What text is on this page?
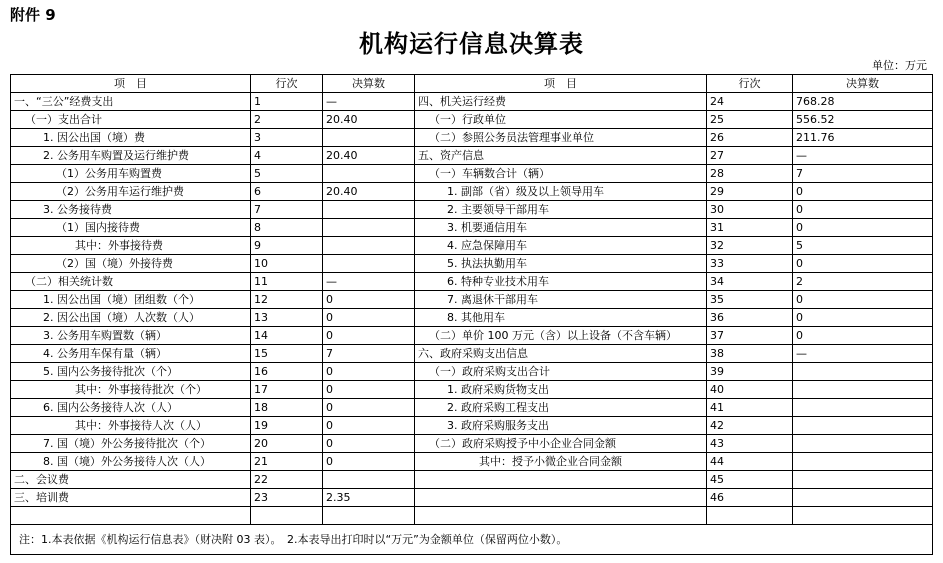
附件 9
机构运行信息决算表
单位：万元
项　目	行次	决算数	项　目	行次	决算数
一、“三公”经费支出	1	—	四、机关运行经费	24	768.28
（一）支出合计	2	20.40	（一）行政单位	25	556.52
1. 因公出国（境）费	3		（二）参照公务员法管理事业单位	26	211.76
2. 公务用车购置及运行维护费	4	20.40	五、资产信息	27	—
（1）公务用车购置费	5		（一）车辆数合计（辆）	28	7
（2）公务用车运行维护费	6	20.40	1. 副部（省）级及以上领导用车	29	0
3. 公务接待费	7		2. 主要领导干部用车	30	0
（1）国内接待费	8		3. 机要通信用车	31	0
其中：外事接待费	9		4. 应急保障用车	32	5
（2）国（境）外接待费	10		5. 执法执勤用车	33	0
（二）相关统计数	11	—	6. 特种专业技术用车	34	2
1. 因公出国（境）团组数（个）	12	0	7. 离退休干部用车	35	0
2. 因公出国（境）人次数（人）	13	0	8. 其他用车	36	0
3. 公务用车购置数（辆）	14	0	（二）单价 100 万元（含）以上设备（不含车辆）	37	0
4. 公务用车保有量（辆）	15	7	六、政府采购支出信息	38	—
5. 国内公务接待批次（个）	16	0	（一）政府采购支出合计	39	
其中：外事接待批次（个）	17	0	1. 政府采购货物支出	40	
6. 国内公务接待人次（人）	18	0	2. 政府采购工程支出	41	
其中：外事接待人次（人）	19	0	3. 政府采购服务支出	42	
7. 国（境）外公务接待批次（个）	20	0	（二）政府采购授予中小企业合同金额	43	
8. 国（境）外公务接待人次（人）	21	0	其中：授予小微企业合同金额	44	
二、会议费	22			45	
三、培训费	23	2.35		46	

注：1.本表依据《机构运行信息表》（财决附 03 表）。　2.本表导出打印时以“万元”为金额单位（保留两位小数）。					
